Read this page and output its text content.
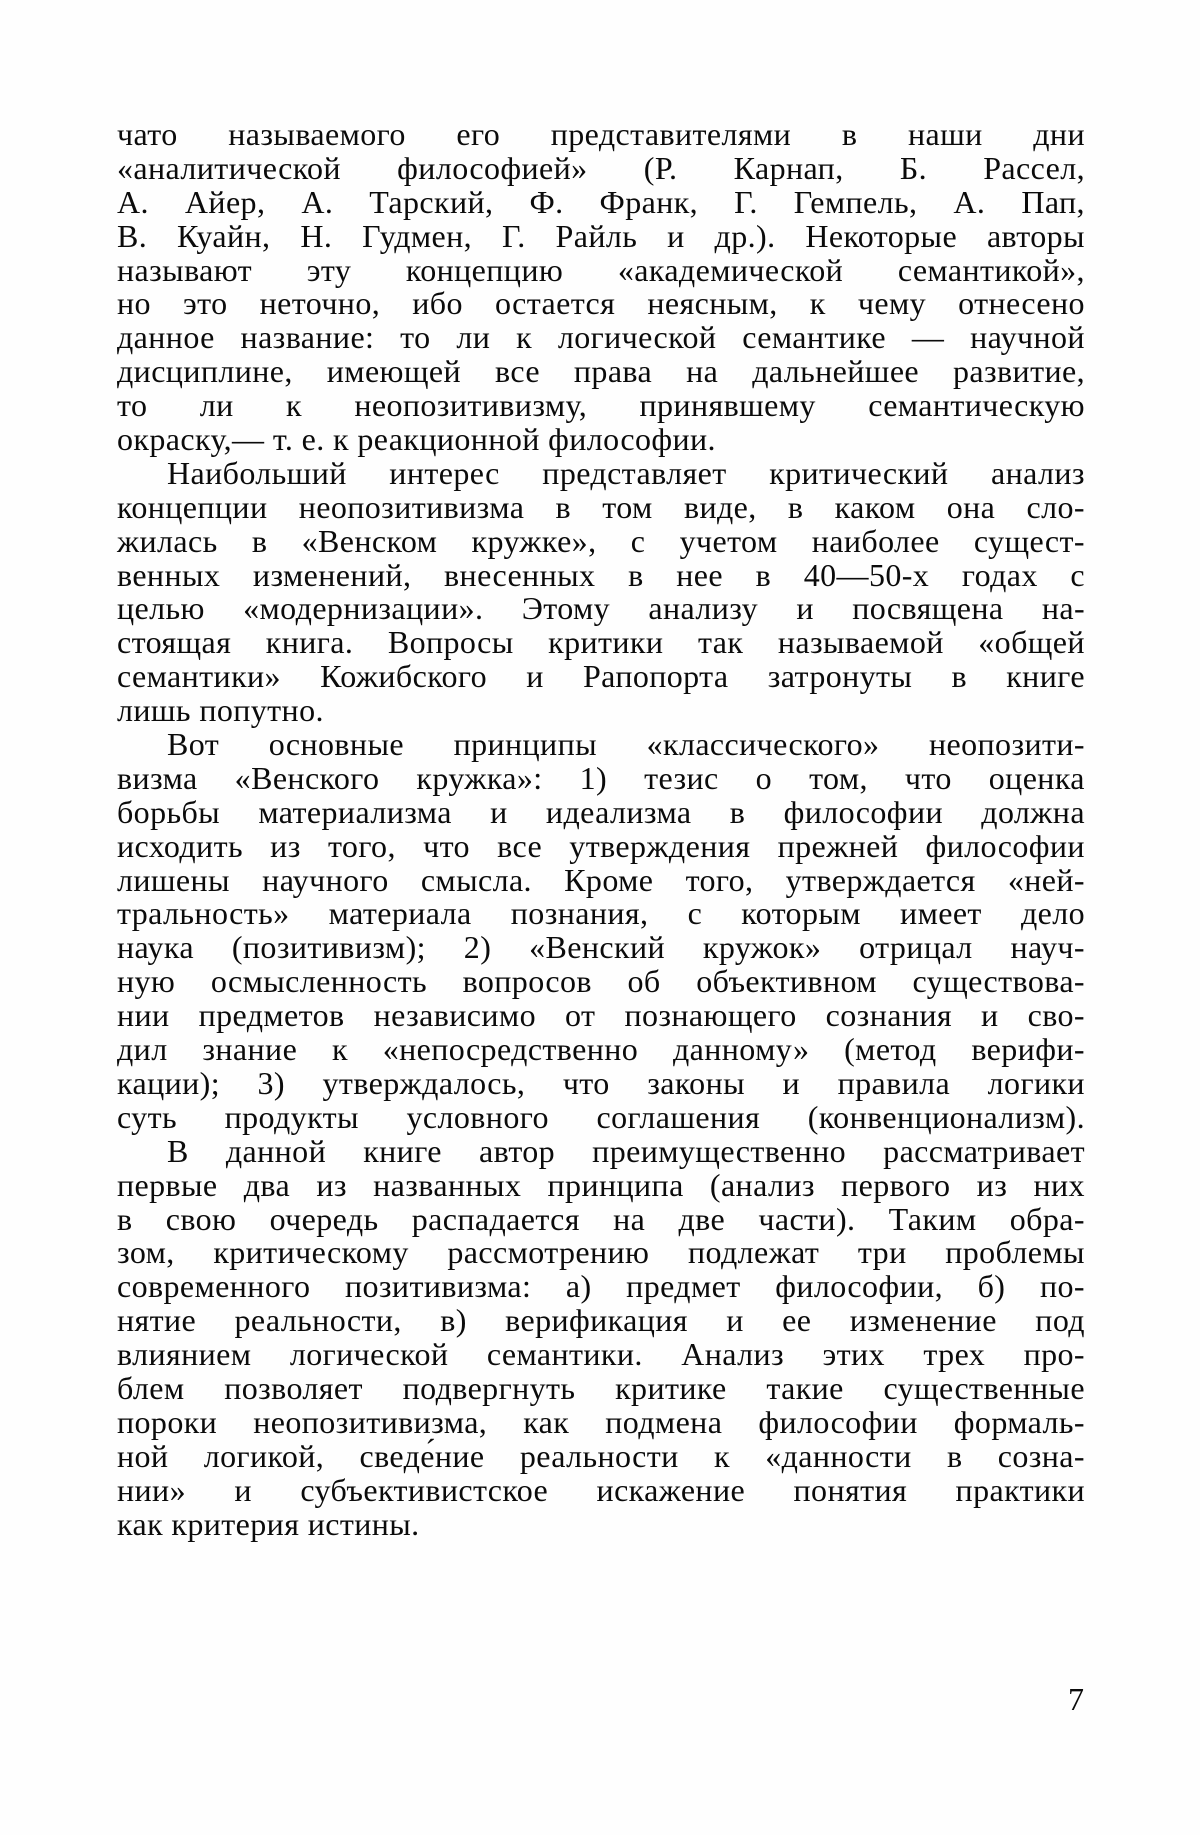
чато называемого его представителями в наши дни
«аналитической философией» (Р. Карнап, Б. Рассел,
А. Айер, А. Тарский, Ф. Франк, Г. Гемпель, А. Пап,
В. Куайн, Н. Гудмен, Г. Райль и др.). Некоторые авторы
называют эту концепцию «академической семантикой»,
но это неточно, ибо остается неясным, к чему отнесено
данное название: то ли к логической семантике — научной
дисциплине, имеющей все права на дальнейшее развитие,
то ли к неопозитивизму, принявшему семантическую
окраску,— т. е. к реакционной философии.
Наибольший интерес представляет критический анализ
концепции неопозитивизма в том виде, в каком она сло-
жилась в «Венском кружке», с учетом наиболее сущест-
венных изменений, внесенных в нее в 40—50-х годах с
целью «модернизации». Этому анализу и посвящена на-
стоящая книга. Вопросы критики так называемой «общей
семантики» Кожибского и Рапопорта затронуты в книге
лишь попутно.
Вот основные принципы «классического» неопозити-
визма «Венского кружка»: 1) тезис о том, что оценка
борьбы материализма и идеализма в философии должна
исходить из того, что все утверждения прежней философии
лишены научного смысла. Кроме того, утверждается «ней-
тральность» материала познания, с которым имеет дело
наука (позитивизм); 2) «Венский кружок» отрицал науч-
ную осмысленность вопросов об объективном существова-
нии предметов независимо от познающего сознания и сво-
дил знание к «непосредственно данному» (метод верифи-
кации); 3) утверждалось, что законы и правила логики
суть продукты условного соглашения (конвенционализм).
В данной книге автор преимущественно рассматривает
первые два из названных принципа (анализ первого из них
в свою очередь распадается на две части). Таким обра-
зом, критическому рассмотрению подлежат три проблемы
современного позитивизма: а) предмет философии, б) по-
нятие реальности, в) верификация и ее изменение под
влиянием логической семантики. Анализ этих трех про-
блем позволяет подвергнуть критике такие существенные
пороки неопозитивизма, как подмена философии формаль-
ной логикой, сведе́ние реальности к «данности в созна-
нии» и субъективистское искажение понятия практики
как критерия истины.
7
